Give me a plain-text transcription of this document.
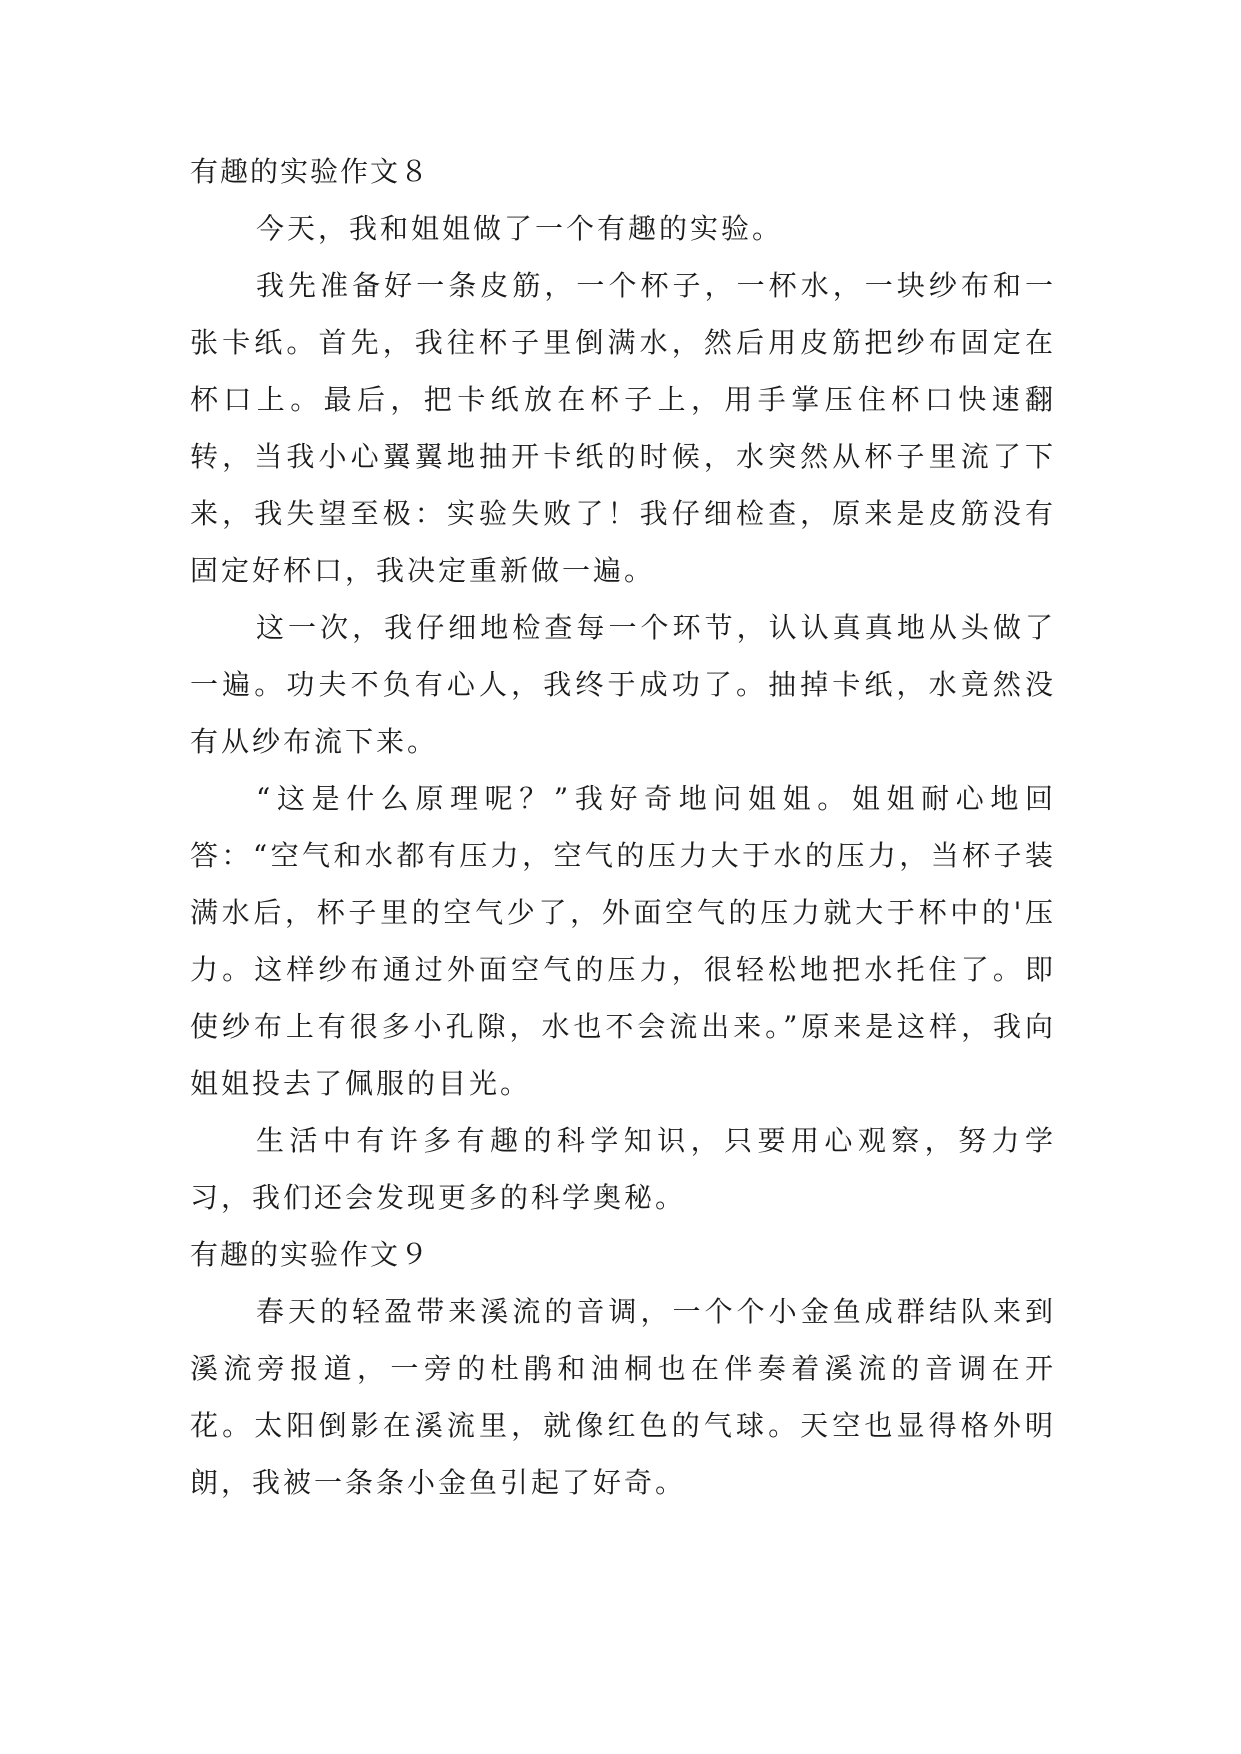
有趣的实验作文８

今天，我和姐姐做了一个有趣的实验。

我先准备好一条皮筋，一个杯子，一杯水，一块纱布和一张卡纸。首先，我往杯子里倒满水，然后用皮筋把纱布固定在杯口上。最后，把卡纸放在杯子上，用手掌压住杯口快速翻转，当我小心翼翼地抽开卡纸的时候，水突然从杯子里流了下来，我失望至极：实验失败了！我仔细检查，原来是皮筋没有固定好杯口，我决定重新做一遍。

这一次，我仔细地检查每一个环节，认认真真地从头做了一遍。功夫不负有心人，我终于成功了。抽掉卡纸，水竟然没有从纱布流下来。

“这是什么原理呢？”我好奇地问姐姐。姐姐耐心地回答：“空气和水都有压力，空气的压力大于水的压力，当杯子装满水后，杯子里的空气少了，外面空气的压力就大于杯中的'压力。这样纱布通过外面空气的压力，很轻松地把水托住了。即使纱布上有很多小孔隙，水也不会流出来。”原来是这样，我向姐姐投去了佩服的目光。

生活中有许多有趣的科学知识，只要用心观察，努力学习，我们还会发现更多的科学奥秘。

有趣的实验作文９

春天的轻盈带来溪流的音调，一个个小金鱼成群结队来到溪流旁报道，一旁的杜鹃和油桐也在伴奏着溪流的音调在开花。太阳倒影在溪流里，就像红色的气球。天空也显得格外明朗，我被一条条小金鱼引起了好奇。
